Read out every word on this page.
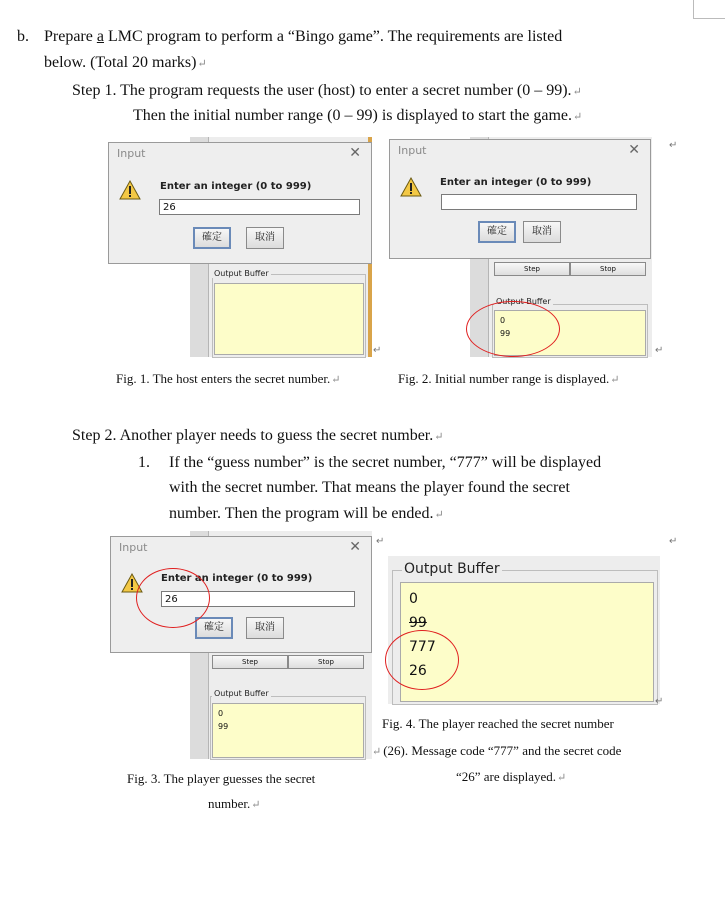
b. Prepare a LMC program to perform a “Bingo game”. The requirements are listed
below. (Total 20 marks)↵
Step 1. The program requests the user (host) to enter a secret number (0 – 99).↵
Then the initial number range (0 – 99) is displayed to start the game.↵
Output Buffer
Input	✕
Enter an integer (0 to 999)
26
確定	取消
↵
Step	Stop
Output Buffer
0
99
Input	✕
Enter an integer (0 to 999)
確定	取消
↵
↵
Fig. 1. The host enters the secret number.↵	Fig. 2. Initial number range is displayed.↵
Step 2. Another player needs to guess the secret number.↵
1. If the “guess number” is the secret number, “777” will be displayed
with the secret number. That means the player found the secret
number. Then the program will be ended.↵
Step	Stop
Output Buffer
0
99
Input	✕
Enter an integer (0 to 999)
26
確定	取消
↵	↵
Output Buffer
0
99
777
26
↵
Fig. 3. The player guesses the secret
number.↵
Fig. 4. The player reached the secret number
↵ (26). Message code “777” and the secret code
“26” are displayed.↵
